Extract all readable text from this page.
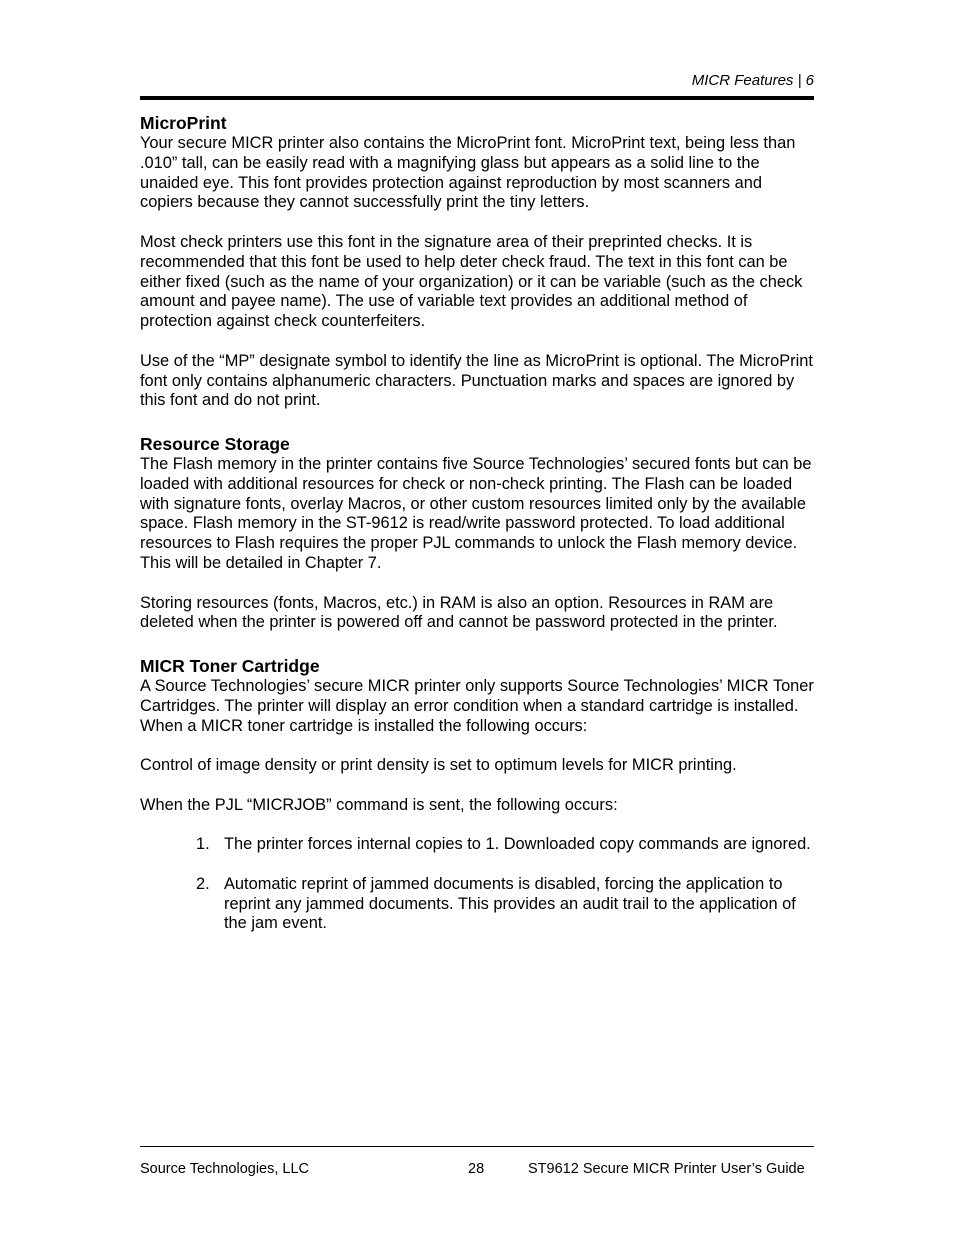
MICR Features | 6
MicroPrint

Your secure MICR printer also contains the MicroPrint font. MicroPrint text, being less than .010” tall, can be easily read with a magnifying glass but appears as a solid line to the unaided eye. This font provides protection against reproduction by most scanners and copiers because they cannot successfully print the tiny letters.

Most check printers use this font in the signature area of their preprinted checks. It is recommended that this font be used to help deter check fraud. The text in this font can be either fixed (such as the name of your organization) or it can be variable (such as the check amount and payee name). The use of variable text provides an additional method of protection against check counterfeiters.

Use of the “MP” designate symbol to identify the line as MicroPrint is optional. The MicroPrint font only contains alphanumeric characters. Punctuation marks and spaces are ignored by this font and do not print.

Resource Storage

The Flash memory in the printer contains five Source Technologies’ secured fonts but can be loaded with additional resources for check or non-check printing. The Flash can be loaded with signature fonts, overlay Macros, or other custom resources limited only by the available space. Flash memory in the ST-9612 is read/write password protected. To load additional resources to Flash requires the proper PJL commands to unlock the Flash memory device. This will be detailed in Chapter 7.

Storing resources (fonts, Macros, etc.) in RAM is also an option. Resources in RAM are deleted when the printer is powered off and cannot be password protected in the printer.

MICR Toner Cartridge

A Source Technologies’ secure MICR printer only supports Source Technologies’ MICR Toner Cartridges. The printer will display an error condition when a standard cartridge is installed. When a MICR toner cartridge is installed the following occurs:

Control of image density or print density is set to optimum levels for MICR printing.

When the PJL “MICRJOB” command is sent, the following occurs:

1. The printer forces internal copies to 1. Downloaded copy commands are ignored.
2. Automatic reprint of jammed documents is disabled, forcing the application to reprint any jammed documents. This provides an audit trail to the application of the jam event.
Source Technologies, LLC	28	ST9612 Secure MICR Printer User’s Guide
